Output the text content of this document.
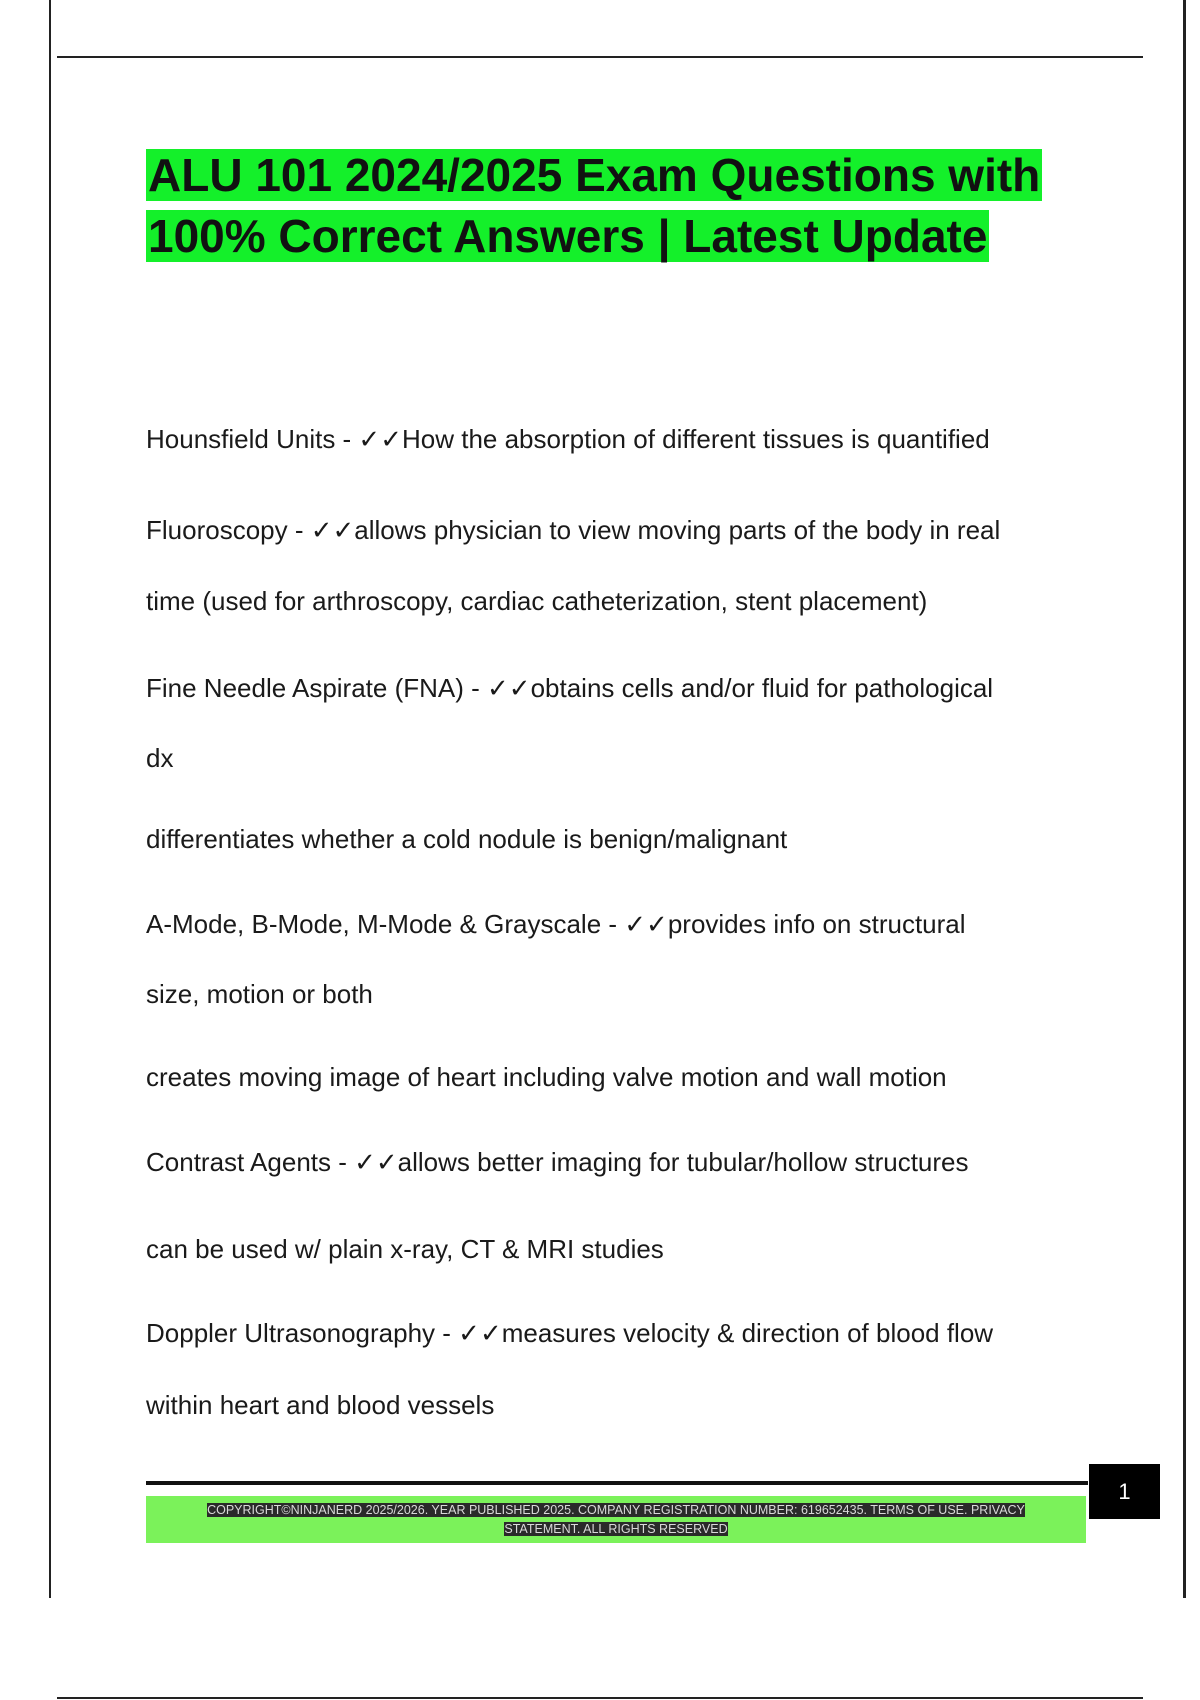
ALU 101 2024/2025 Exam Questions with 100% Correct Answers | Latest Update

Hounsfield Units - ✓✓How the absorption of different tissues is quantified

Fluoroscopy - ✓✓allows physician to view moving parts of the body in real

time (used for arthroscopy, cardiac catheterization, stent placement)

Fine Needle Aspirate (FNA) - ✓✓obtains cells and/or fluid for pathological

dx

differentiates whether a cold nodule is benign/malignant

A-Mode, B-Mode, M-Mode & Grayscale - ✓✓provides info on structural

size, motion or both

creates moving image of heart including valve motion and wall motion

Contrast Agents - ✓✓allows better imaging for tubular/hollow structures

can be used w/ plain x-ray, CT & MRI studies

Doppler Ultrasonography - ✓✓measures velocity & direction of blood flow

within heart and blood vessels

1
COPYRIGHT©NINJANERD 2025/2026. YEAR PUBLISHED 2025. COMPANY REGISTRATION NUMBER: 619652435. TERMS OF USE. PRIVACY
STATEMENT. ALL RIGHTS RESERVED
